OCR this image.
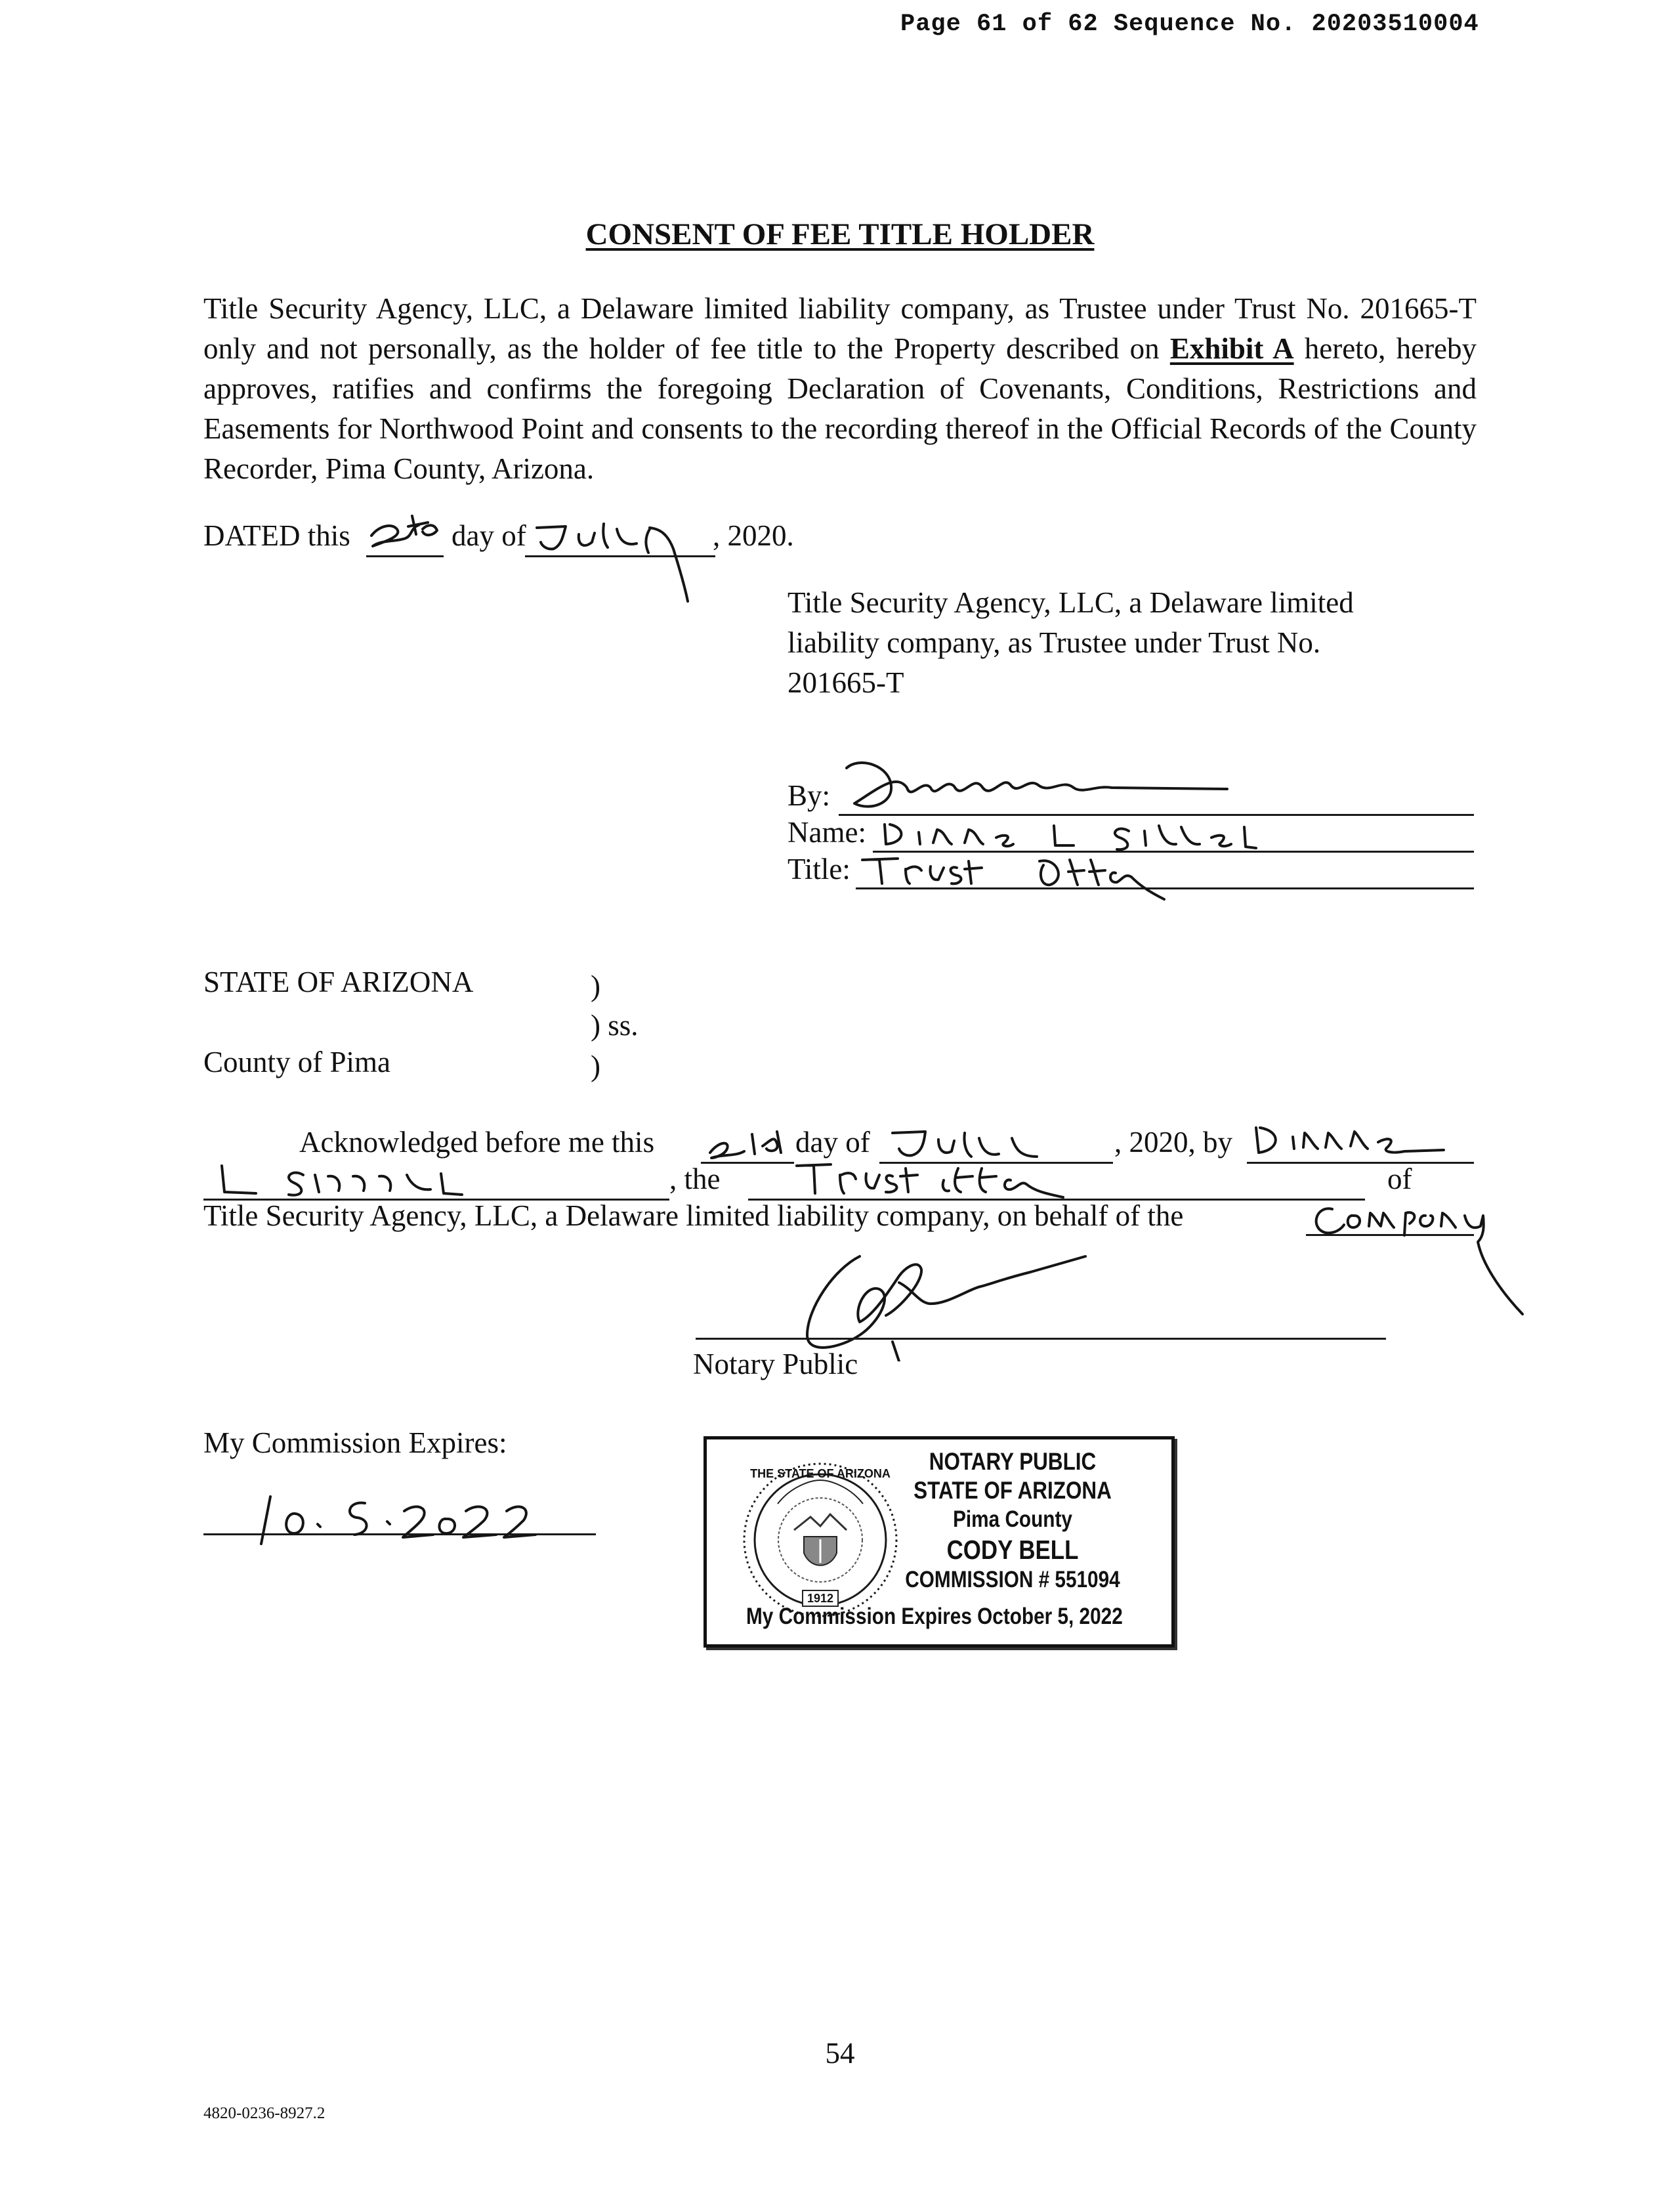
Page 61 of 62 Sequence No. 20203510004
CONSENT OF FEE TITLE HOLDER
Title Security Agency, LLC, a Delaware limited liability company, as Trustee under Trust No. 201665-T only and not personally, as the holder of fee title to the Property described on Exhibit A hereto, hereby approves, ratifies and confirms the foregoing Declaration of Covenants, Conditions, Restrictions and Easements for Northwood Point and consents to the recording thereof in the Official Records of the County Recorder, Pima County, Arizona.
DATED this	day of	, 2020.
Title Security Agency, LLC, a Delaware limited
liability company, as Trustee under Trust No.
201665-T
By:
Name:
Title:
STATE OF ARIZONA	)
) ss.
County of Pima	)
Acknowledged before me this	day of	, 2020, by
, the	of
Title Security Agency, LLC, a Delaware limited liability company, on behalf of the
Notary Public
My Commission Expires:
THE STATE OF ARIZONA
1912
NOTARY PUBLIC
STATE OF ARIZONA
Pima County
CODY BELL
COMMISSION # 551094
My Commission Expires October 5, 2022
54
4820-0236-8927.2
